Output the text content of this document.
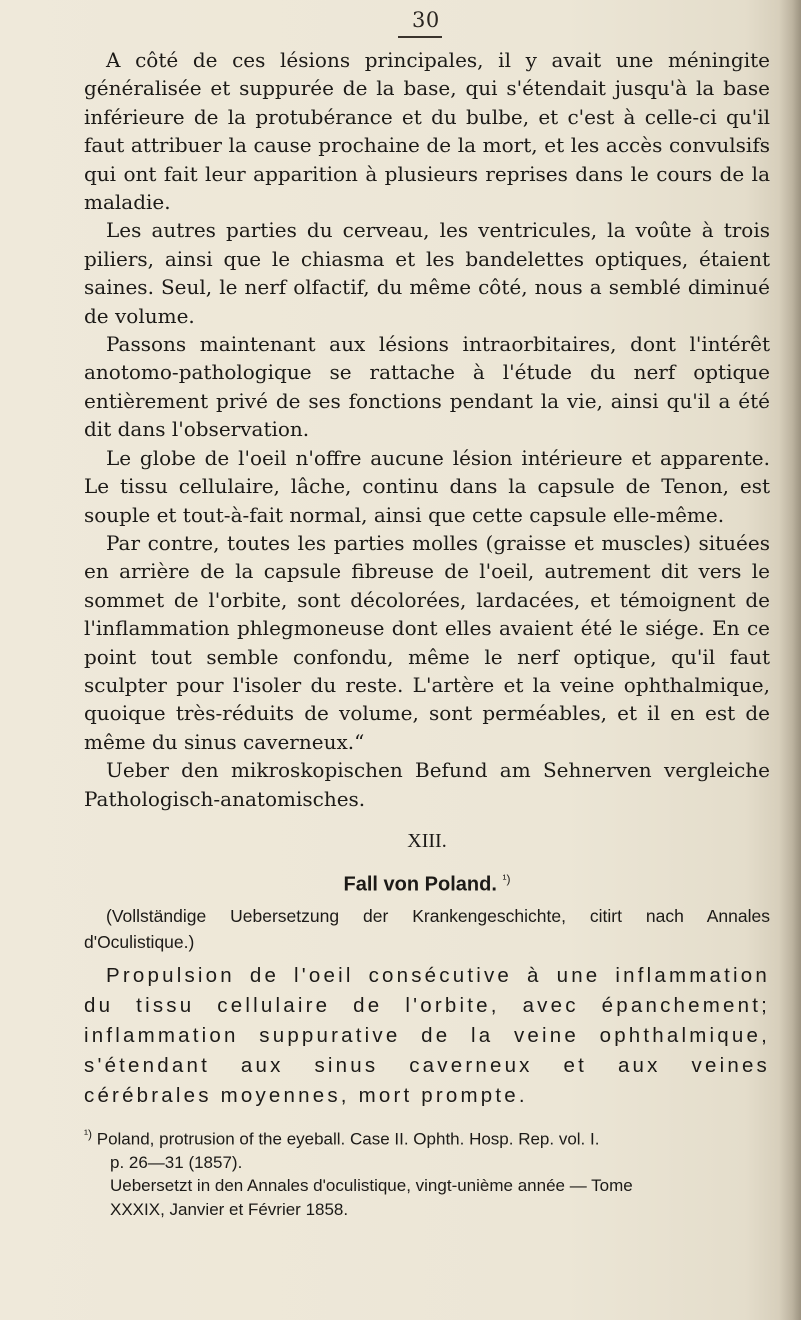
30

A côté de ces lésions principales, il y avait une méningite généralisée et suppurée de la base, qui s'étendait jusqu'à la base inférieure de la protubérance et du bulbe, et c'est à celle-ci qu'il faut attribuer la cause prochaine de la mort, et les accès convulsifs qui ont fait leur apparition à plusieurs reprises dans le cours de la maladie.

Les autres parties du cerveau, les ventricules, la voûte à trois piliers, ainsi que le chiasma et les bandelettes optiques, étaient saines. Seul, le nerf olfactif, du même côté, nous a semblé diminué de volume.

Passons maintenant aux lésions intraorbitaires, dont l'intérêt anotomo-pathologique se rattache à l'étude du nerf optique entièrement privé de ses fonctions pendant la vie, ainsi qu'il a été dit dans l'observation.

Le globe de l'oeil n'offre aucune lésion intérieure et apparente. Le tissu cellulaire, lâche, continu dans la capsule de Tenon, est souple et tout-à-fait normal, ainsi que cette capsule elle-même.

Par contre, toutes les parties molles (graisse et muscles) situées en arrière de la capsule fibreuse de l'oeil, autrement dit vers le sommet de l'orbite, sont décolorées, lardacées, et témoignent de l'inflammation phlegmoneuse dont elles avaient été le siége. En ce point tout semble confondu, même le nerf optique, qu'il faut sculpter pour l'isoler du reste. L'artère et la veine ophthalmique, quoique très-réduits de volume, sont perméables, et il en est de même du sinus caverneux.“

Ueber den mikroskopischen Befund am Sehnerven vergleiche Pathologisch-anatomisches.

XIII.
Fall von Poland. $^{^1)}$

(Vollständige Uebersetzung der Krankengeschichte, citirt nach Annales d'Oculistique.)

Propulsion de l'oeil consécutive à une inflammation du tissu cellulaire de l'orbite, avec épanchement; inflammation suppurative de la veine ophthalmique, s'étendant aux sinus caverneux et aux veines cérébrales moyennes, mort prompte.

$^{^1)}$ Poland, protrusion of the eyeball. Case II. Ophth. Hosp. Rep. vol. I.

p. 26—31 (1857).

Uebersetzt in den Annales d'oculistique, vingt-unième année — Tome

XXXIX, Janvier et Février 1858.
